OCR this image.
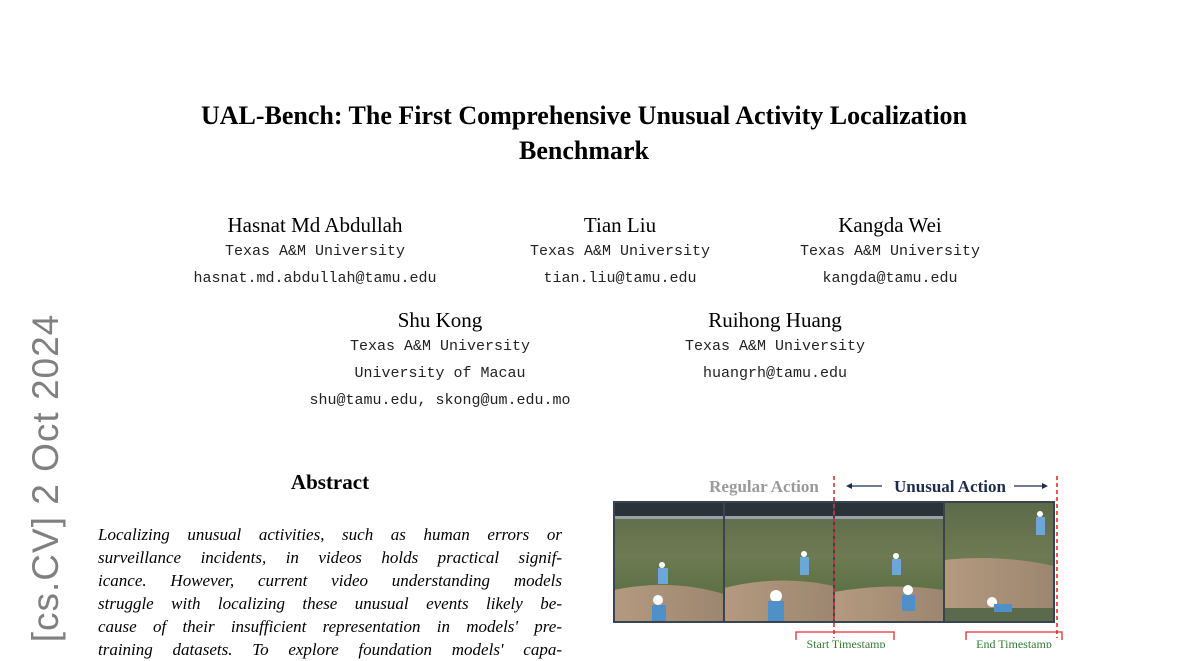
UAL-Bench: The First Comprehensive Unusual Activity Localization
Benchmark
Hasnat Md Abdullah
Texas A&M University
hasnat.md.abdullah@tamu.edu
Tian Liu
Texas A&M University
tian.liu@tamu.edu
Kangda Wei
Texas A&M University
kangda@tamu.edu
Shu Kong
Texas A&M University
University of Macau
shu@tamu.edu, skong@um.edu.mo
Ruihong Huang
Texas A&M University
huangrh@tamu.edu
[cs.CV] 2 Oct 2024	Abstract
Localizing unusual activities, such as human errors or
surveillance incidents, in videos holds practical signif-
icance. However, current video understanding models
struggle with localizing these unusual events likely be-
cause of their insufficient representation in models' pre-
training datasets. To explore foundation models' capa-
Regular Action	Unusual Action
Start Timestamp	End Timestamp
